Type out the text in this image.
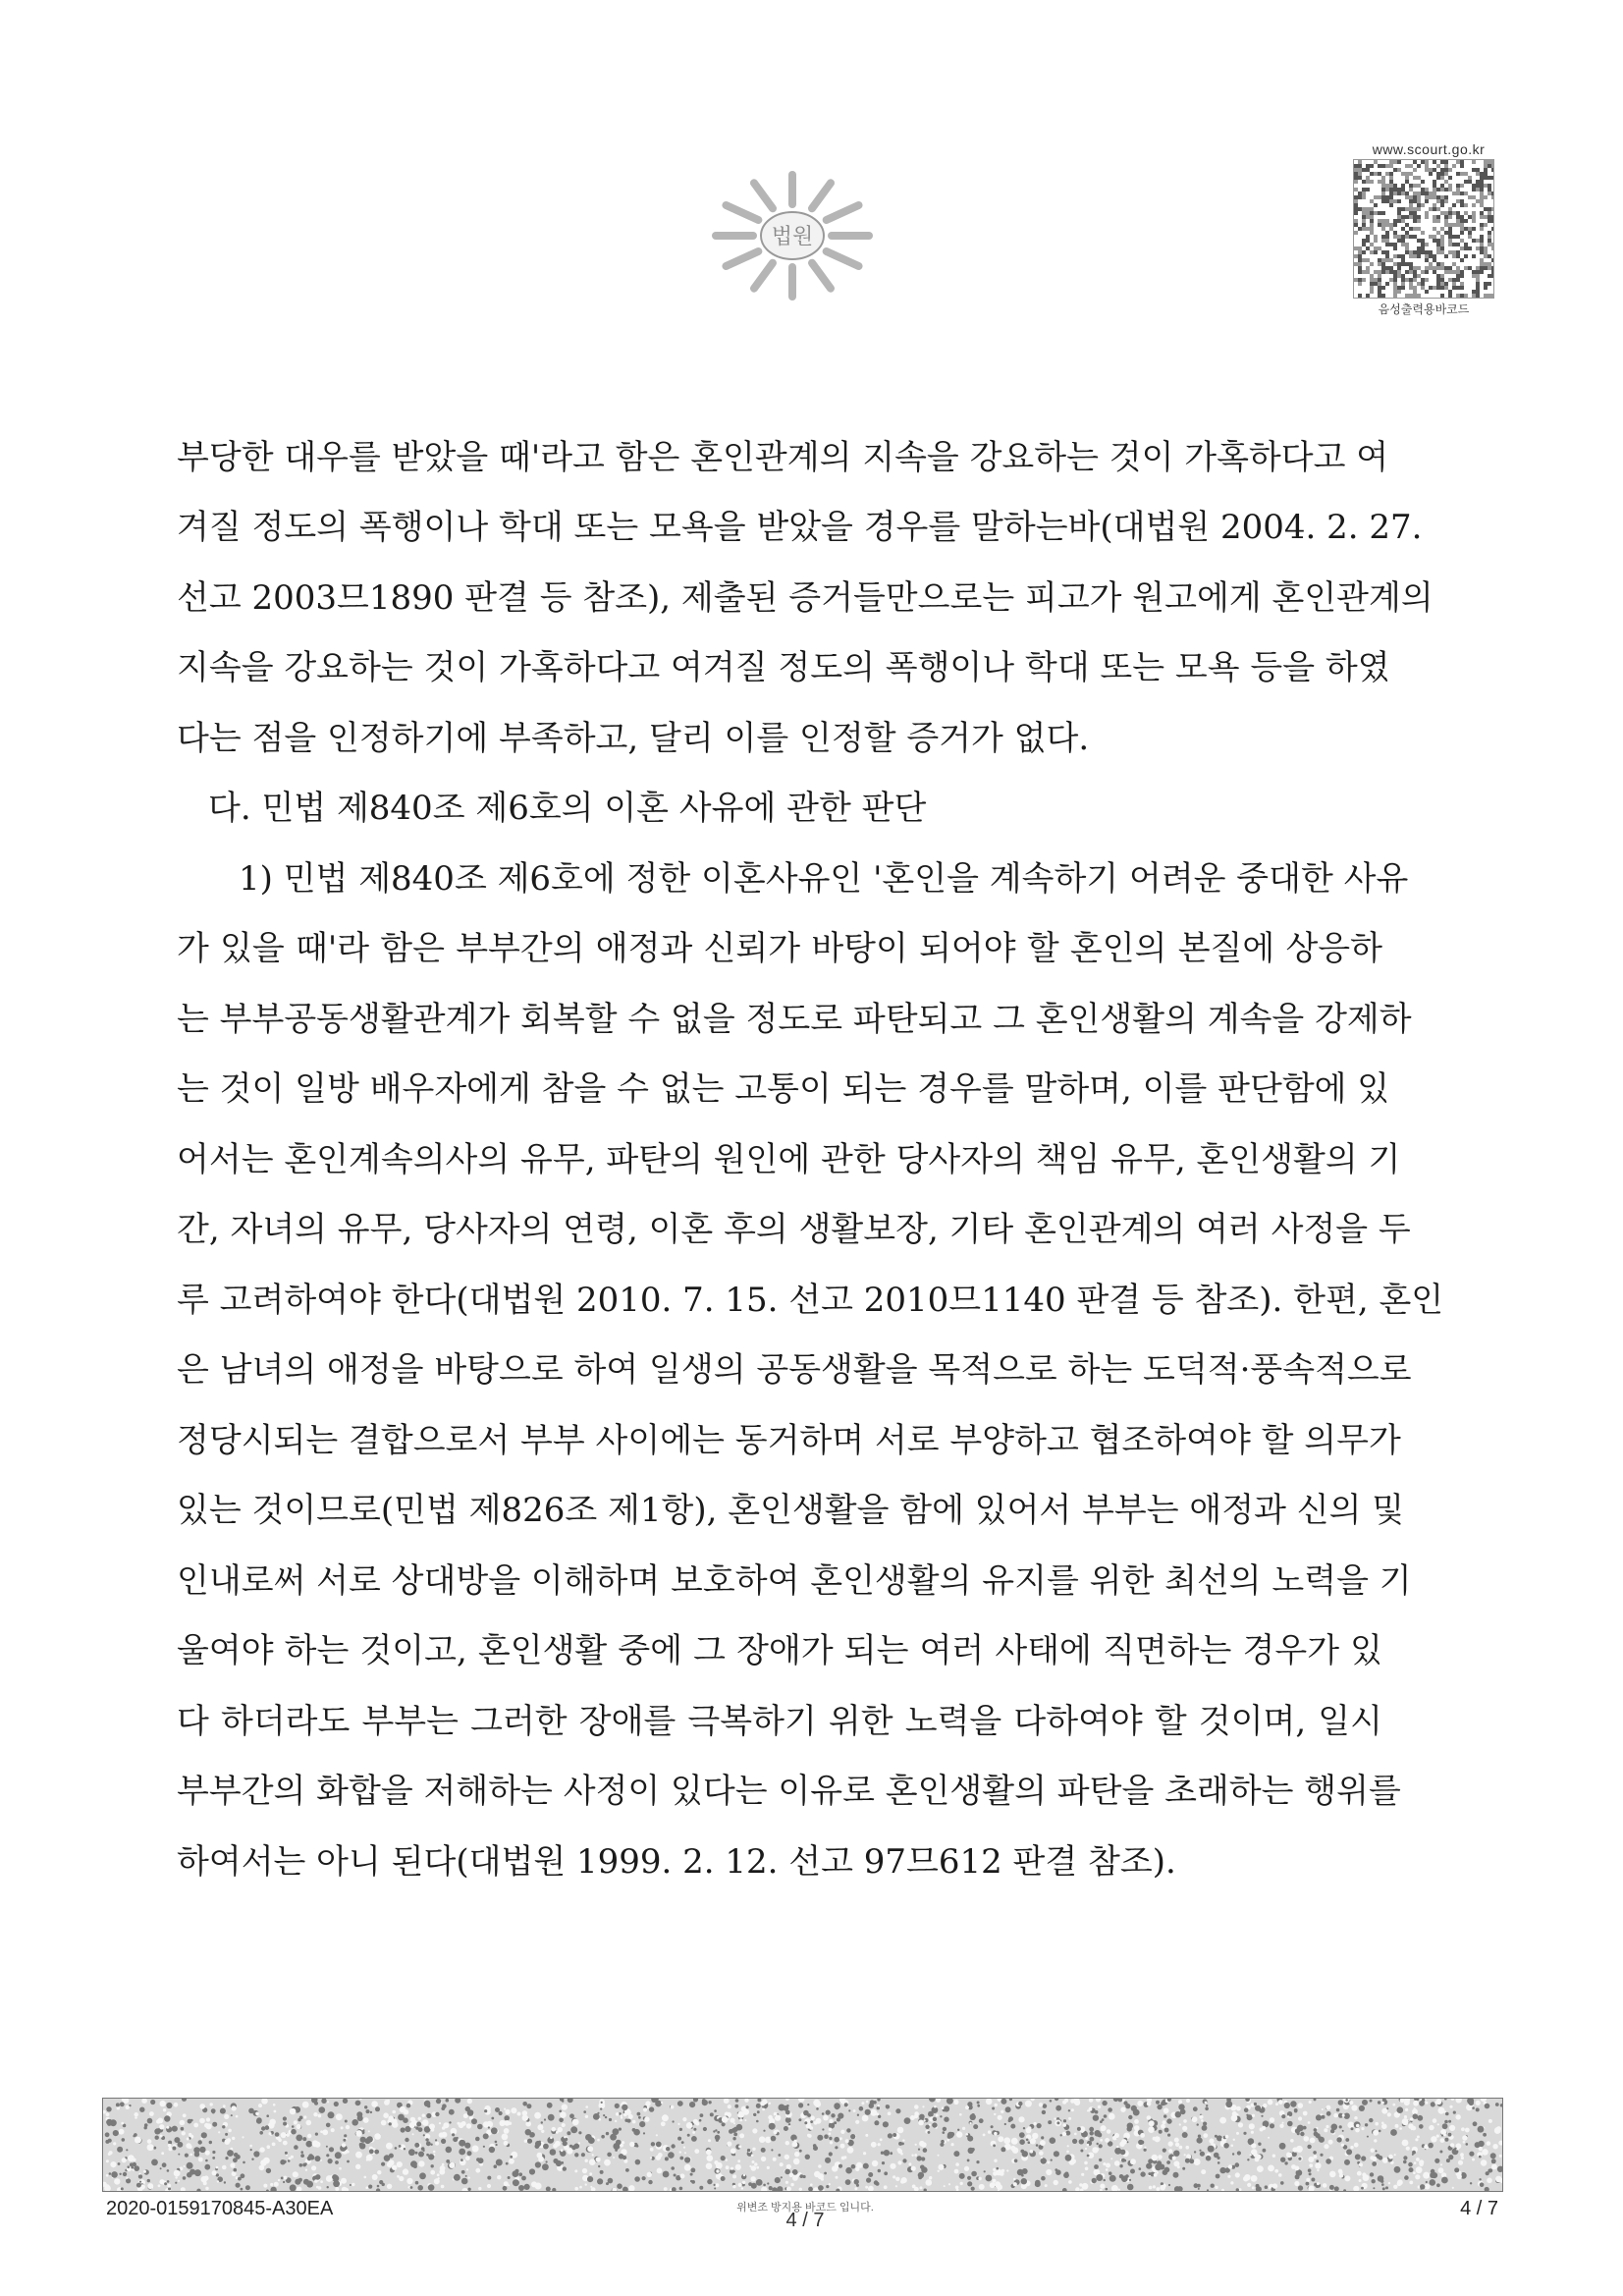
법원
www.scourt.go.kr
음성출력용바코드
부당한 대우를 받았을 때'라고 함은 혼인관계의 지속을 강요하는 것이 가혹하다고 여
겨질 정도의 폭행이나 학대 또는 모욕을 받았을 경우를 말하는바(대법원 2004. 2. 27.
선고 2003므1890 판결 등 참조), 제출된 증거들만으로는 피고가 원고에게 혼인관계의
지속을 강요하는 것이 가혹하다고 여겨질 정도의 폭행이나 학대 또는 모욕 등을 하였
다는 점을 인정하기에 부족하고, 달리 이를 인정할 증거가 없다.
다. 민법 제840조 제6호의 이혼 사유에 관한 판단
1) 민법 제840조 제6호에 정한 이혼사유인 '혼인을 계속하기 어려운 중대한 사유
가 있을 때'라 함은 부부간의 애정과 신뢰가 바탕이 되어야 할 혼인의 본질에 상응하
는 부부공동생활관계가 회복할 수 없을 정도로 파탄되고 그 혼인생활의 계속을 강제하
는 것이 일방 배우자에게 참을 수 없는 고통이 되는 경우를 말하며, 이를 판단함에 있
어서는 혼인계속의사의 유무, 파탄의 원인에 관한 당사자의 책임 유무, 혼인생활의 기
간, 자녀의 유무, 당사자의 연령, 이혼 후의 생활보장, 기타 혼인관계의 여러 사정을 두
루 고려하여야 한다(대법원 2010. 7. 15. 선고 2010므1140 판결 등 참조). 한편, 혼인
은 남녀의 애정을 바탕으로 하여 일생의 공동생활을 목적으로 하는 도덕적·풍속적으로
정당시되는 결합으로서 부부 사이에는 동거하며 서로 부양하고 협조하여야 할 의무가
있는 것이므로(민법 제826조 제1항), 혼인생활을 함에 있어서 부부는 애정과 신의 및
인내로써 서로 상대방을 이해하며 보호하여 혼인생활의 유지를 위한 최선의 노력을 기
울여야 하는 것이고, 혼인생활 중에 그 장애가 되는 여러 사태에 직면하는 경우가 있
다 하더라도 부부는 그러한 장애를 극복하기 위한 노력을 다하여야 할 것이며, 일시
부부간의 화합을 저해하는 사정이 있다는 이유로 혼인생활의 파탄을 초래하는 행위를
하여서는 아니 된다(대법원 1999. 2. 12. 선고 97므612 판결 참조).
2020-0159170845-A30EA	위변조 방지용 바코드 입니다.
4 / 7
4 / 7
